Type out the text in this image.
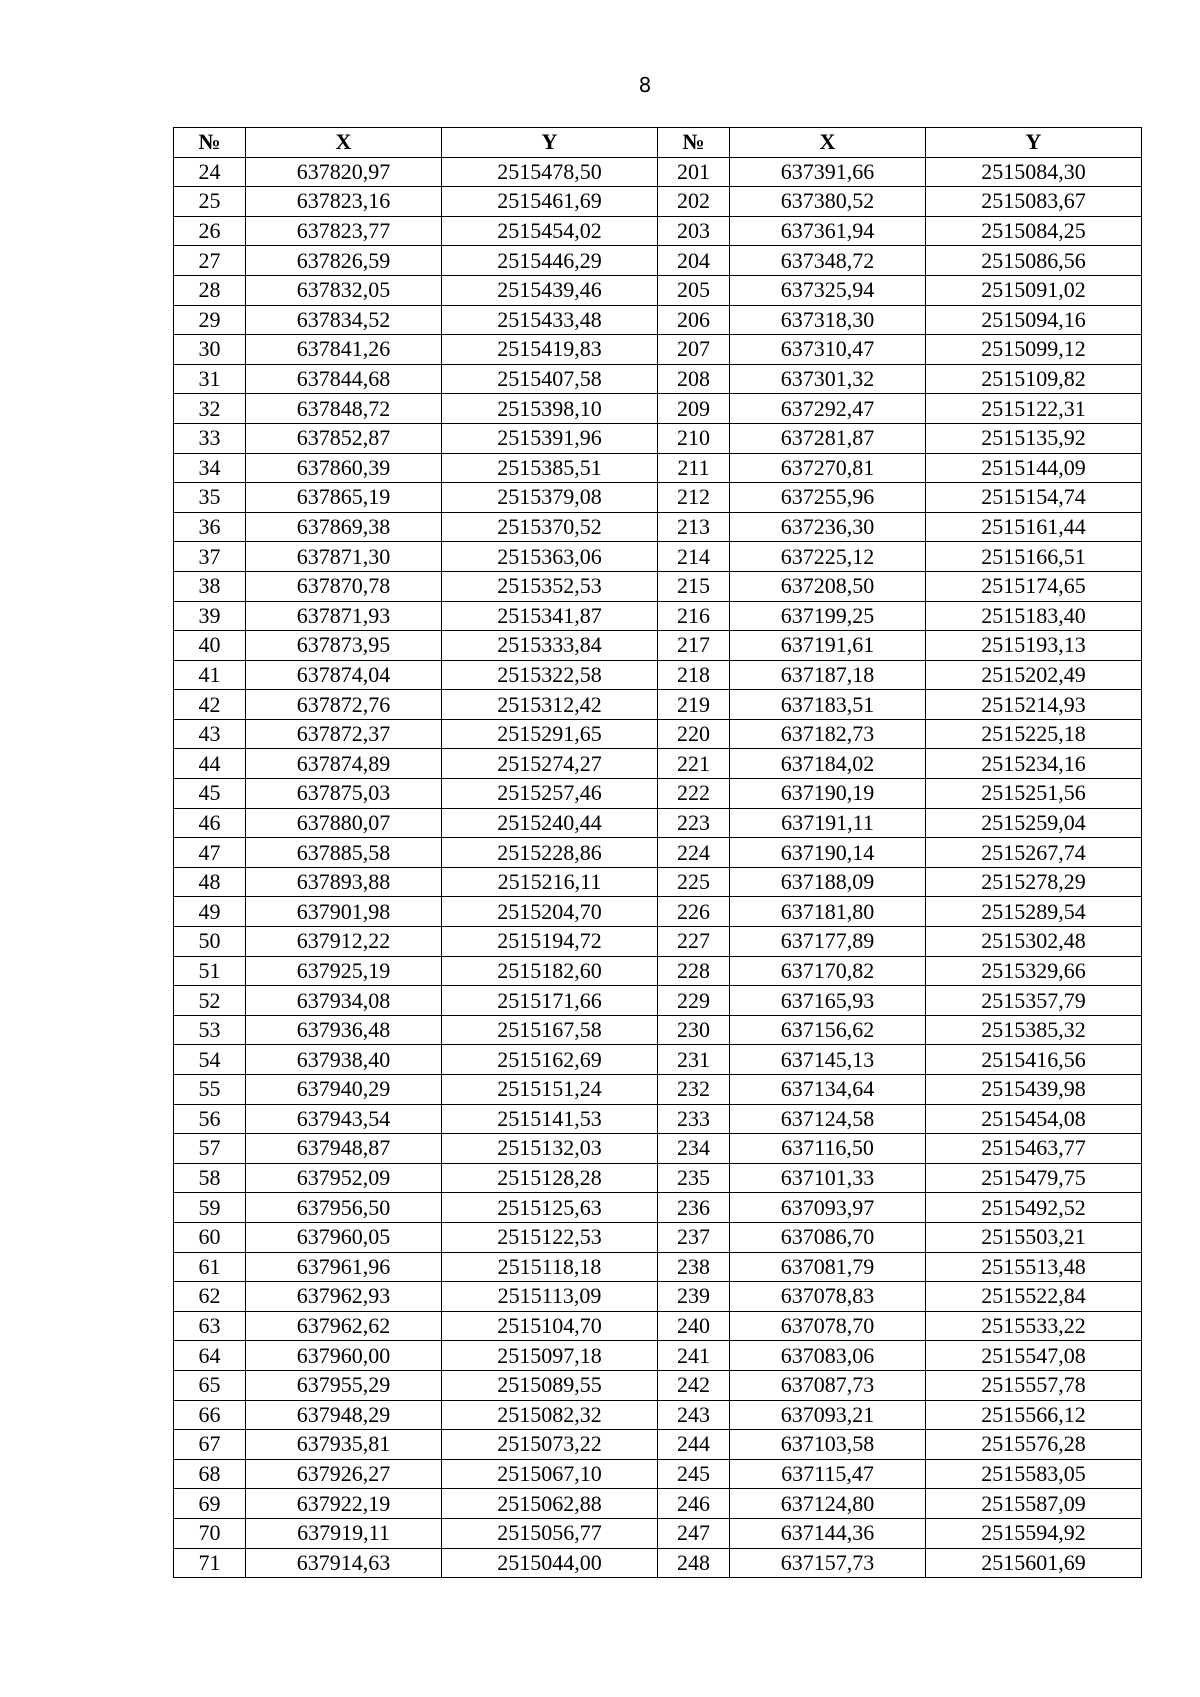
8
№	X	Y	№	X	Y
24	637820,97	2515478,50	201	637391,66	2515084,30
25	637823,16	2515461,69	202	637380,52	2515083,67
26	637823,77	2515454,02	203	637361,94	2515084,25
27	637826,59	2515446,29	204	637348,72	2515086,56
28	637832,05	2515439,46	205	637325,94	2515091,02
29	637834,52	2515433,48	206	637318,30	2515094,16
30	637841,26	2515419,83	207	637310,47	2515099,12
31	637844,68	2515407,58	208	637301,32	2515109,82
32	637848,72	2515398,10	209	637292,47	2515122,31
33	637852,87	2515391,96	210	637281,87	2515135,92
34	637860,39	2515385,51	211	637270,81	2515144,09
35	637865,19	2515379,08	212	637255,96	2515154,74
36	637869,38	2515370,52	213	637236,30	2515161,44
37	637871,30	2515363,06	214	637225,12	2515166,51
38	637870,78	2515352,53	215	637208,50	2515174,65
39	637871,93	2515341,87	216	637199,25	2515183,40
40	637873,95	2515333,84	217	637191,61	2515193,13
41	637874,04	2515322,58	218	637187,18	2515202,49
42	637872,76	2515312,42	219	637183,51	2515214,93
43	637872,37	2515291,65	220	637182,73	2515225,18
44	637874,89	2515274,27	221	637184,02	2515234,16
45	637875,03	2515257,46	222	637190,19	2515251,56
46	637880,07	2515240,44	223	637191,11	2515259,04
47	637885,58	2515228,86	224	637190,14	2515267,74
48	637893,88	2515216,11	225	637188,09	2515278,29
49	637901,98	2515204,70	226	637181,80	2515289,54
50	637912,22	2515194,72	227	637177,89	2515302,48
51	637925,19	2515182,60	228	637170,82	2515329,66
52	637934,08	2515171,66	229	637165,93	2515357,79
53	637936,48	2515167,58	230	637156,62	2515385,32
54	637938,40	2515162,69	231	637145,13	2515416,56
55	637940,29	2515151,24	232	637134,64	2515439,98
56	637943,54	2515141,53	233	637124,58	2515454,08
57	637948,87	2515132,03	234	637116,50	2515463,77
58	637952,09	2515128,28	235	637101,33	2515479,75
59	637956,50	2515125,63	236	637093,97	2515492,52
60	637960,05	2515122,53	237	637086,70	2515503,21
61	637961,96	2515118,18	238	637081,79	2515513,48
62	637962,93	2515113,09	239	637078,83	2515522,84
63	637962,62	2515104,70	240	637078,70	2515533,22
64	637960,00	2515097,18	241	637083,06	2515547,08
65	637955,29	2515089,55	242	637087,73	2515557,78
66	637948,29	2515082,32	243	637093,21	2515566,12
67	637935,81	2515073,22	244	637103,58	2515576,28
68	637926,27	2515067,10	245	637115,47	2515583,05
69	637922,19	2515062,88	246	637124,80	2515587,09
70	637919,11	2515056,77	247	637144,36	2515594,92
71	637914,63	2515044,00	248	637157,73	2515601,69
